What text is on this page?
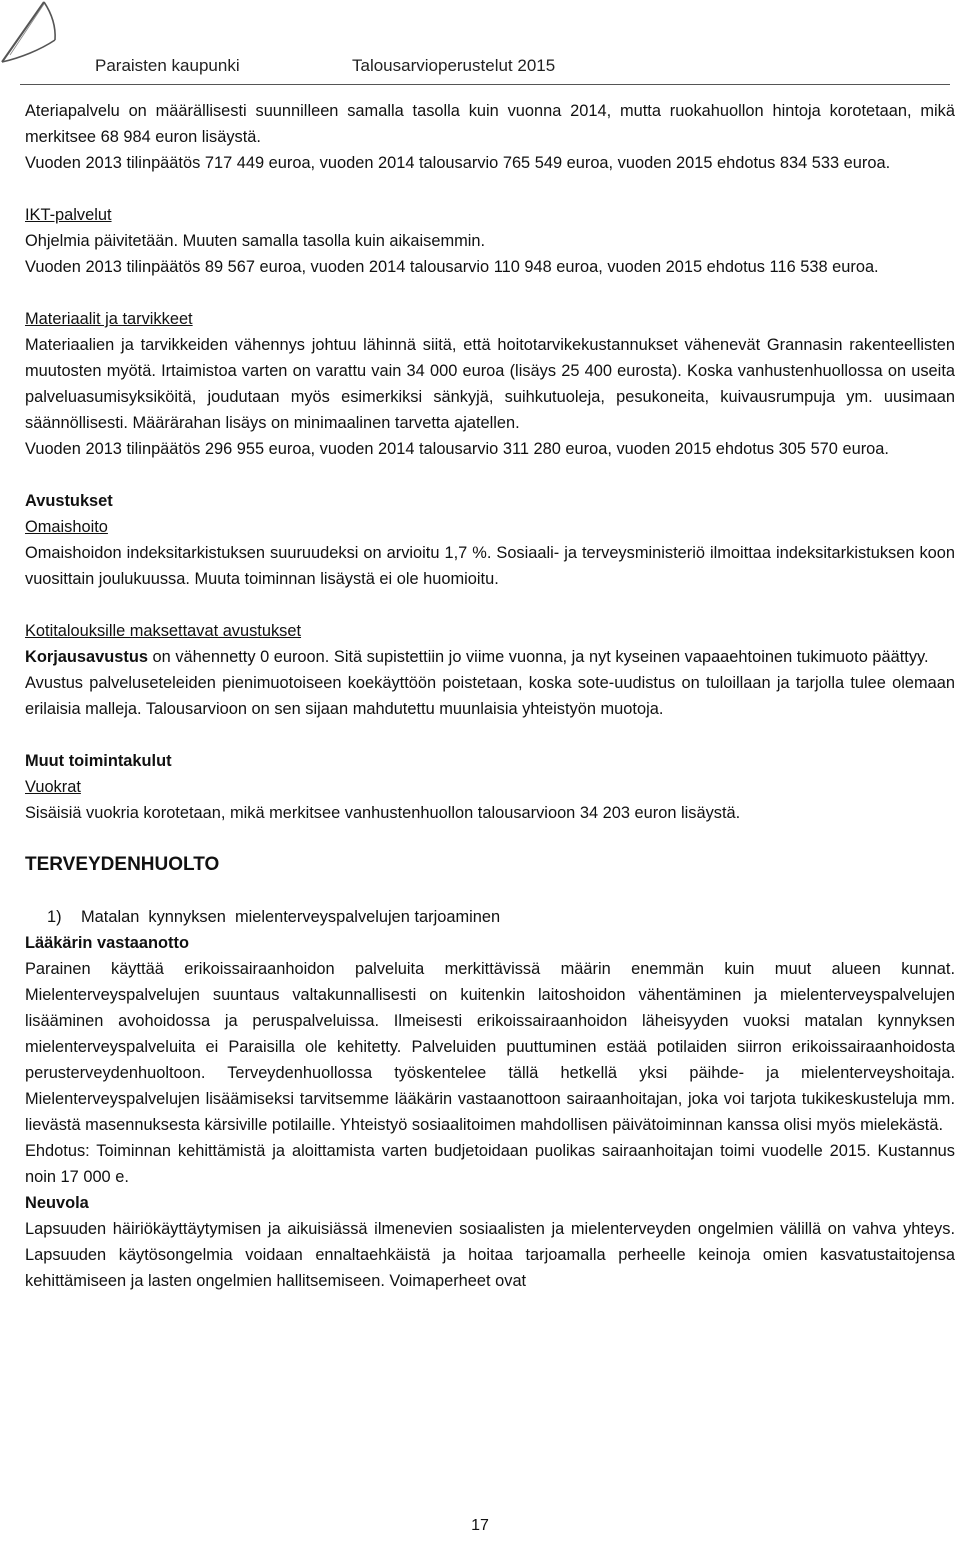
Paraisten kaupunki	Talousarvioperustelut 2015

Ateriapalvelu on määrällisesti suunnilleen samalla tasolla kuin vuonna 2014, mutta ruokahuollon hintoja korotetaan, mikä merkitsee 68 984 euron lisäystä.

Vuoden 2013 tilinpäätös 717 449 euroa, vuoden 2014 talousarvio 765 549 euroa, vuoden 2015 ehdotus 834 533 euroa.

IKT-palvelut

Ohjelmia päivitetään. Muuten samalla tasolla kuin aikaisemmin.

Vuoden 2013 tilinpäätös 89 567 euroa, vuoden 2014 talousarvio 110 948 euroa, vuoden 2015 ehdotus 116 538 euroa.

Materiaalit ja tarvikkeet

Materiaalien ja tarvikkeiden vähennys johtuu lähinnä siitä, että hoitotarvikekustannukset vähenevät Grannasin rakenteellisten muutosten myötä. Irtaimistoa varten on varattu vain 34 000 euroa (lisäys 25 400 eurosta). Koska vanhustenhuollossa on useita palveluasumisyksiköitä, joudutaan myös esimerkiksi sänkyjä, suihkutuoleja, pesukoneita, kuivausrumpuja ym. uusimaan säännöllisesti. Määrärahan lisäys on minimaalinen tarvetta ajatellen.

Vuoden 2013 tilinpäätös 296 955 euroa, vuoden 2014 talousarvio 311 280 euroa, vuoden 2015 ehdotus 305 570 euroa.

Avustukset

Omaishoito

Omaishoidon indeksitarkistuksen suuruudeksi on arvioitu 1,7 %. Sosiaali- ja terveysministeriö ilmoittaa indeksitarkistuksen koon vuosittain joulukuussa. Muuta toiminnan lisäystä ei ole huomioitu.

Kotitalouksille maksettavat avustukset

Korjausavustus on vähennetty 0 euroon. Sitä supistettiin jo viime vuonna, ja nyt kyseinen vapaaehtoinen tukimuoto päättyy.

Avustus palveluseteleiden pienimuotoiseen koekäyttöön poistetaan, koska sote-uudistus on tuloillaan ja tarjolla tulee olemaan erilaisia malleja. Talousarvioon on sen sijaan mahdutettu muunlaisia yhteistyön muotoja.

Muut toimintakulut

Vuokrat

Sisäisiä vuokria korotetaan, mikä merkitsee vanhustenhuollon talousarvioon 34 203 euron lisäystä.

TERVEYDENHUOLTO

1)	Matalan  kynnyksen  mielenterveyspalvelujen tarjoaminen

Lääkärin vastaanotto

Parainen käyttää erikoissairaanhoidon palveluita merkittävissä määrin enemmän kuin muut alueen kunnat. Mielenterveyspalvelujen suuntaus valtakunnallisesti on kuitenkin laitoshoidon vähentäminen ja mielenterveyspalvelujen lisääminen avohoidossa ja peruspalveluissa. Ilmeisesti erikoissairaanhoidon läheisyyden vuoksi matalan kynnyksen mielenterveyspalveluita ei Paraisilla ole kehitetty. Palveluiden puuttuminen estää potilaiden siirron erikoissairaanhoidosta perusterveydenhuoltoon. Terveydenhuollossa työskentelee tällä hetkellä yksi päihde- ja mielenterveyshoitaja. Mielenterveyspalvelujen lisäämiseksi tarvitsemme lääkärin vastaanottoon sairaanhoitajan, joka voi tarjota tukikeskusteluja mm. lievästä masennuksesta kärsiville potilaille. Yhteistyö sosiaalitoimen mahdollisen päivätoiminnan kanssa olisi myös mielekästä.

Ehdotus: Toiminnan kehittämistä ja aloittamista varten budjetoidaan puolikas sairaanhoitajan toimi vuodelle 2015. Kustannus noin 17 000 e.

Neuvola

Lapsuuden häiriökäyttäytymisen ja aikuisiässä ilmenevien sosiaalisten ja mielenterveyden ongelmien välillä on vahva yhteys. Lapsuuden käytösongelmia voidaan ennaltaehkäistä ja hoitaa tarjoamalla perheelle keinoja omien kasvatustaitojensa kehittämiseen ja lasten ongelmien hallitsemiseen. Voimaperheet ovat

17
